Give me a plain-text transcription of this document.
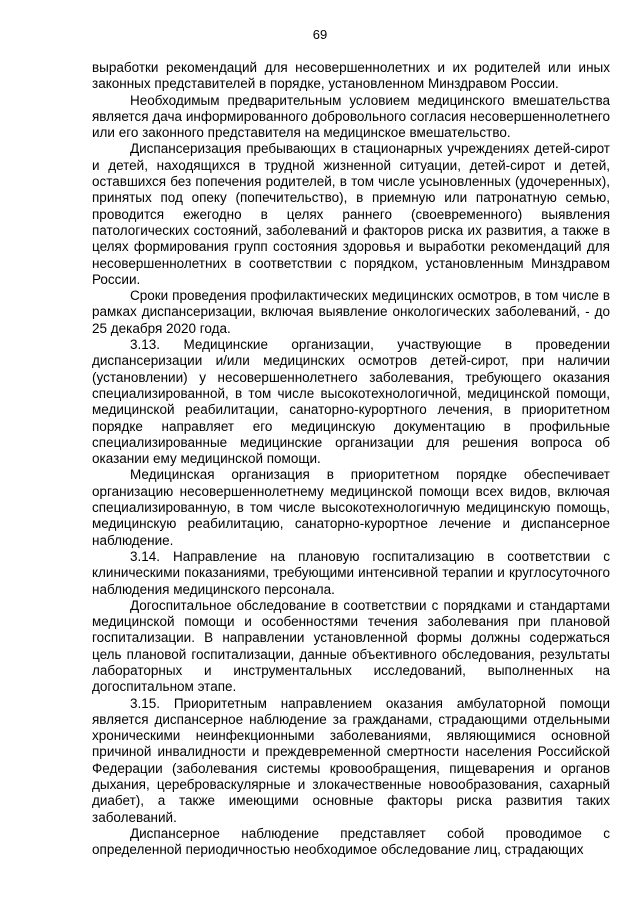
69

выработки рекомендаций для несовершеннолетних и их родителей или иных законных представителей в порядке, установленном Минздравом России.

Необходимым предварительным условием медицинского вмешательства является дача информированного добровольного согласия несовершеннолетнего или его законного представителя на медицинское вмешательство.

Диспансеризация пребывающих в стационарных учреждениях детей-сирот и детей, находящихся в трудной жизненной ситуации, детей-сирот и детей, оставшихся без попечения родителей, в том числе усыновленных (удочеренных), принятых под опеку (попечительство), в приемную или патронатную семью, проводится ежегодно в целях раннего (своевременного) выявления патологических состояний, заболеваний и факторов риска их развития, а также в целях формирования групп состояния здоровья и выработки рекомендаций для несовершеннолетних в соответствии с порядком, установленным Минздравом России.

Сроки проведения профилактических медицинских осмотров, в том числе в рамках диспансеризации, включая выявление онкологических заболеваний, - до 25 декабря 2020 года.

3.13. Медицинские организации, участвующие в проведении диспансеризации и/или медицинских осмотров детей-сирот, при наличии (установлении) у несовершеннолетнего заболевания, требующего оказания специализированной, в том числе высокотехнологичной, медицинской помощи, медицинской реабилитации, санаторно-курортного лечения, в приоритетном порядке направляет его медицинскую документацию в профильные специализированные медицинские организации для решения вопроса об оказании ему медицинской помощи.

Медицинская организация в приоритетном порядке обеспечивает организацию несовершеннолетнему медицинской помощи всех видов, включая специализированную, в том числе высокотехнологичную медицинскую помощь, медицинскую реабилитацию, санаторно-курортное лечение и диспансерное наблюдение.

3.14. Направление на плановую госпитализацию в соответствии с клиническими показаниями, требующими интенсивной терапии и круглосуточного наблюдения медицинского персонала.

Догоспитальное обследование в соответствии с порядками и стандартами медицинской помощи и особенностями течения заболевания при плановой госпитализации. В направлении установленной формы должны содержаться цель плановой госпитализации, данные объективного обследования, результаты лабораторных и инструментальных исследований, выполненных на догоспитальном этапе.

3.15. Приоритетным направлением оказания амбулаторной помощи является диспансерное наблюдение за гражданами, страдающими отдельными хроническими неинфекционными заболеваниями, являющимися основной причиной инвалидности и преждевременной смертности населения Российской Федерации (заболевания системы кровообращения, пищеварения и органов дыхания, цереброваскулярные и злокачественные новообразования, сахарный диабет), а также имеющими основные факторы риска развития таких заболеваний.

Диспансерное наблюдение представляет собой проводимое с определенной периодичностью необходимое обследование лиц, страдающих
